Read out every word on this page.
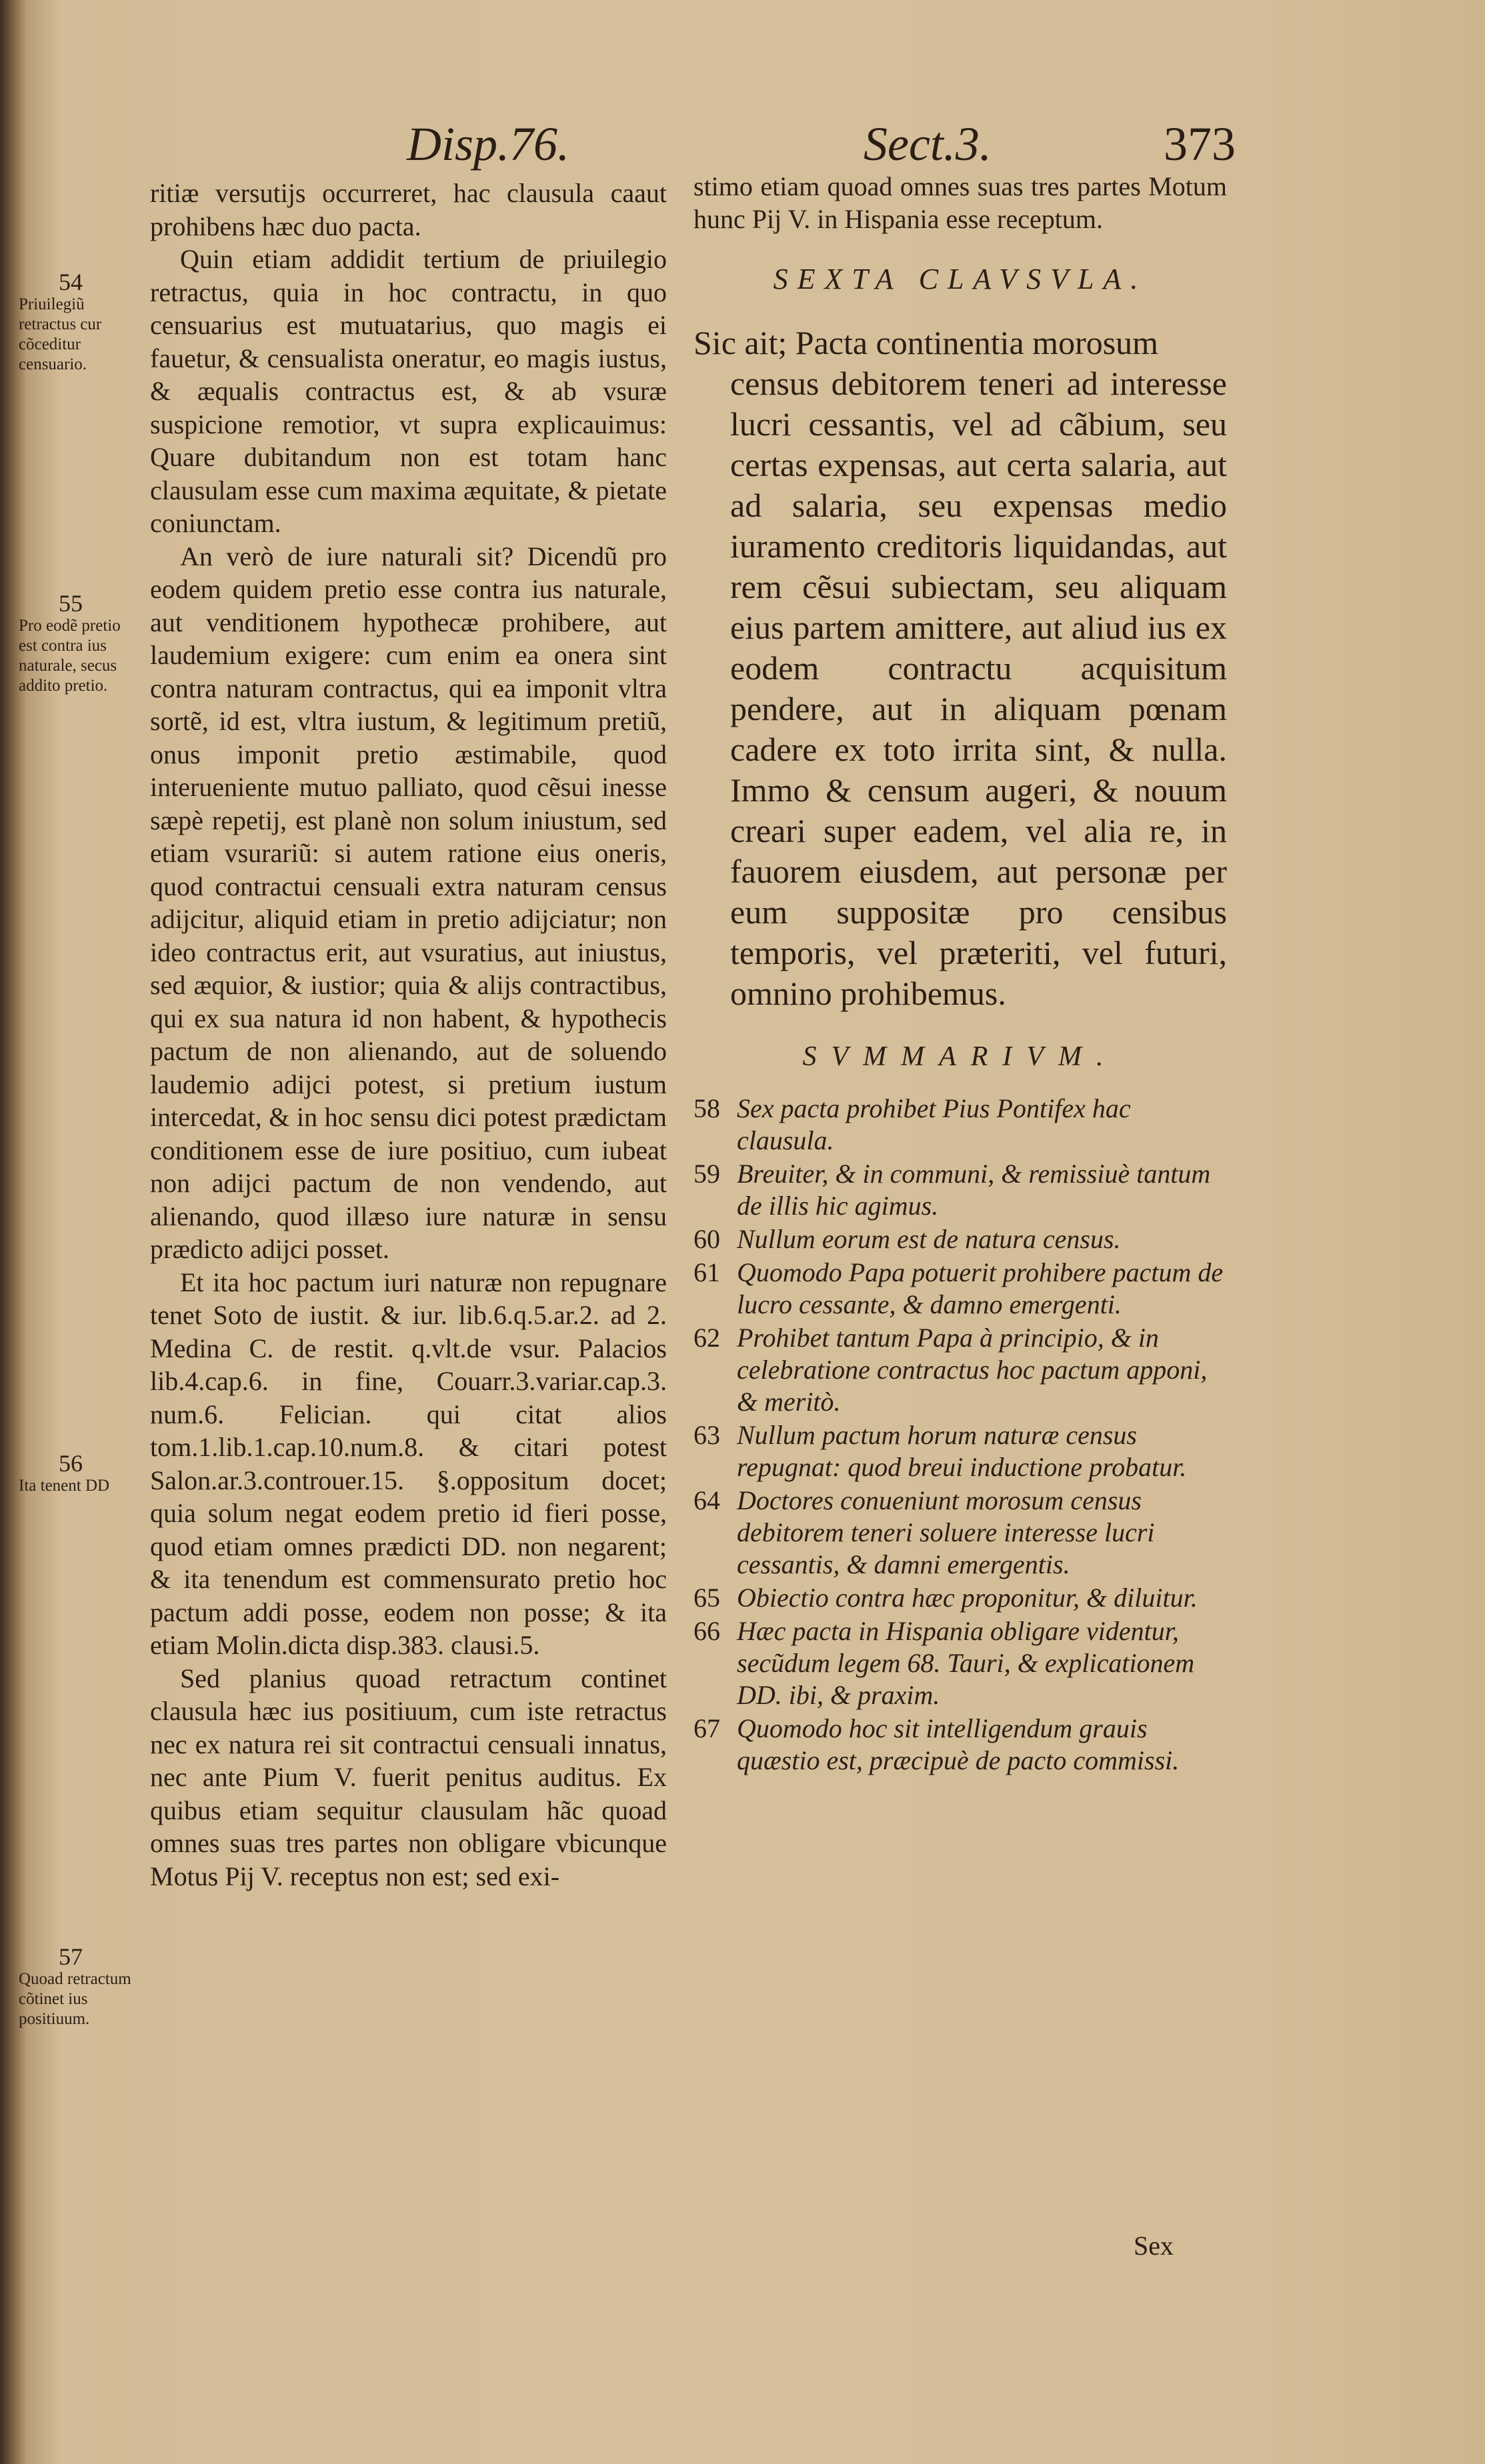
Disp.76.	Sect.3.	373
54
Priuilegiũ retractus cur cõceditur censuario.
55
Pro eodẽ pretio est contra ius naturale, secus addito pretio.
56
Ita tenent DD
57
Quoad retractum cõtinet ius positiuum.

ritiæ versutijs occurreret, hac clausula caaut prohibens hæc duo pacta.

Quin etiam addidit tertium de priuilegio retractus, quia in hoc contractu, in quo censuarius est mutuatarius, quo magis ei fauetur, & censualista oneratur, eo magis iustus, & æqualis contractus est, & ab vsuræ suspicione remotior, vt supra explicauimus: Quare dubitandum non est totam hanc clausulam esse cum maxima æquitate, & pietate coniunctam.

An verò de iure naturali sit? Dicendũ pro eodem quidem pretio esse contra ius naturale, aut venditionem hypothecæ prohibere, aut laudemium exigere: cum enim ea onera sint contra naturam contractus, qui ea imponit vltra sortẽ, id est, vltra iustum, & legitimum pretiũ, onus imponit pretio æstimabile, quod interueniente mutuo palliato, quod cẽsui inesse sæpè repetij, est planè non solum iniustum, sed etiam vsurariũ: si autem ratione eius oneris, quod contractui censuali extra naturam census adijcitur, aliquid etiam in pretio adijciatur; non ideo contractus erit, aut vsuratius, aut iniustus, sed æquior, & iustior; quia & alijs contractibus, qui ex sua natura id non habent, & hypothecis pactum de non alienando, aut de soluendo laudemio adijci potest, si pretium iustum intercedat, & in hoc sensu dici potest prædictam conditionem esse de iure positiuo, cum iubeat non adijci pactum de non vendendo, aut alienando, quod illæso iure naturæ in sensu prædicto adijci posset.

Et ita hoc pactum iuri naturæ non repugnare tenet Soto de iustit. & iur. lib.6.q.5.ar.2. ad 2. Medina C. de restit. q.vlt.de vsur. Palacios lib.4.cap.6. in fine, Couarr.3.variar.cap.3. num.6. Felician. qui citat alios tom.1.lib.1.cap.10.num.8. & citari potest Salon.ar.3.controuer.15. §.oppositum docet; quia solum negat eodem pretio id fieri posse, quod etiam omnes prædicti DD. non negarent; & ita tenendum est commensurato pretio hoc pactum addi posse, eodem non posse; & ita etiam Molin.dicta disp.383. clausi.5.

Sed planius quoad retractum continet clausula hæc ius positiuum, cum iste retractus nec ex natura rei sit contractui censuali innatus, nec ante Pium V. fuerit penitus auditus. Ex quibus etiam sequitur clausulam hãc quoad omnes suas tres partes non obligare vbicunque Motus Pij V. receptus non est; sed exi-

stimo etiam quoad omnes suas tres partes Motum hunc Pij V. in Hispania esse receptum.

SEXTA CLAVSVLA.
Sic ait; Pacta continentia morosum
census debitorem teneri ad interesse lucri cessantis, vel ad cãbium, seu certas expensas, aut certa salaria, aut ad salaria, seu expensas medio iuramento creditoris liquidandas, aut rem cẽsui subiectam, seu aliquam eius partem amittere, aut aliud ius ex eodem contractu acquisitum pendere, aut in aliquam pœnam cadere ex toto irrita sint, & nulla. Immo & censum augeri, & nouum creari super eadem, vel alia re, in fauorem eiusdem, aut personæ per eum suppositæ pro censibus temporis, vel præteriti, vel futuri, omnino prohibemus.
SVMMARIVM.
58 Sex pacta prohibet Pius Pontifex hac clausula.
59 Breuiter, & in communi, & remissiuè tantum de illis hic agimus.
60 Nullum eorum est de natura census.
61 Quomodo Papa potuerit prohibere pactum de lucro cessante, & damno emergenti.
62 Prohibet tantum Papa à principio, & in celebratione contractus hoc pactum apponi, & meritò.
63 Nullum pactum horum naturæ census repugnat: quod breui inductione probatur.
64 Doctores conueniunt morosum census debitorem teneri soluere interesse lucri cessantis, & damni emergentis.
65 Obiectio contra hæc proponitur, & diluitur.
66 Hæc pacta in Hispania obligare videntur, secũdum legem 68. Tauri, & explicationem DD. ibi, & praxim.
67 Quomodo hoc sit intelligendum grauis quæstio est, præcipuè de pacto commissi.
Sex
